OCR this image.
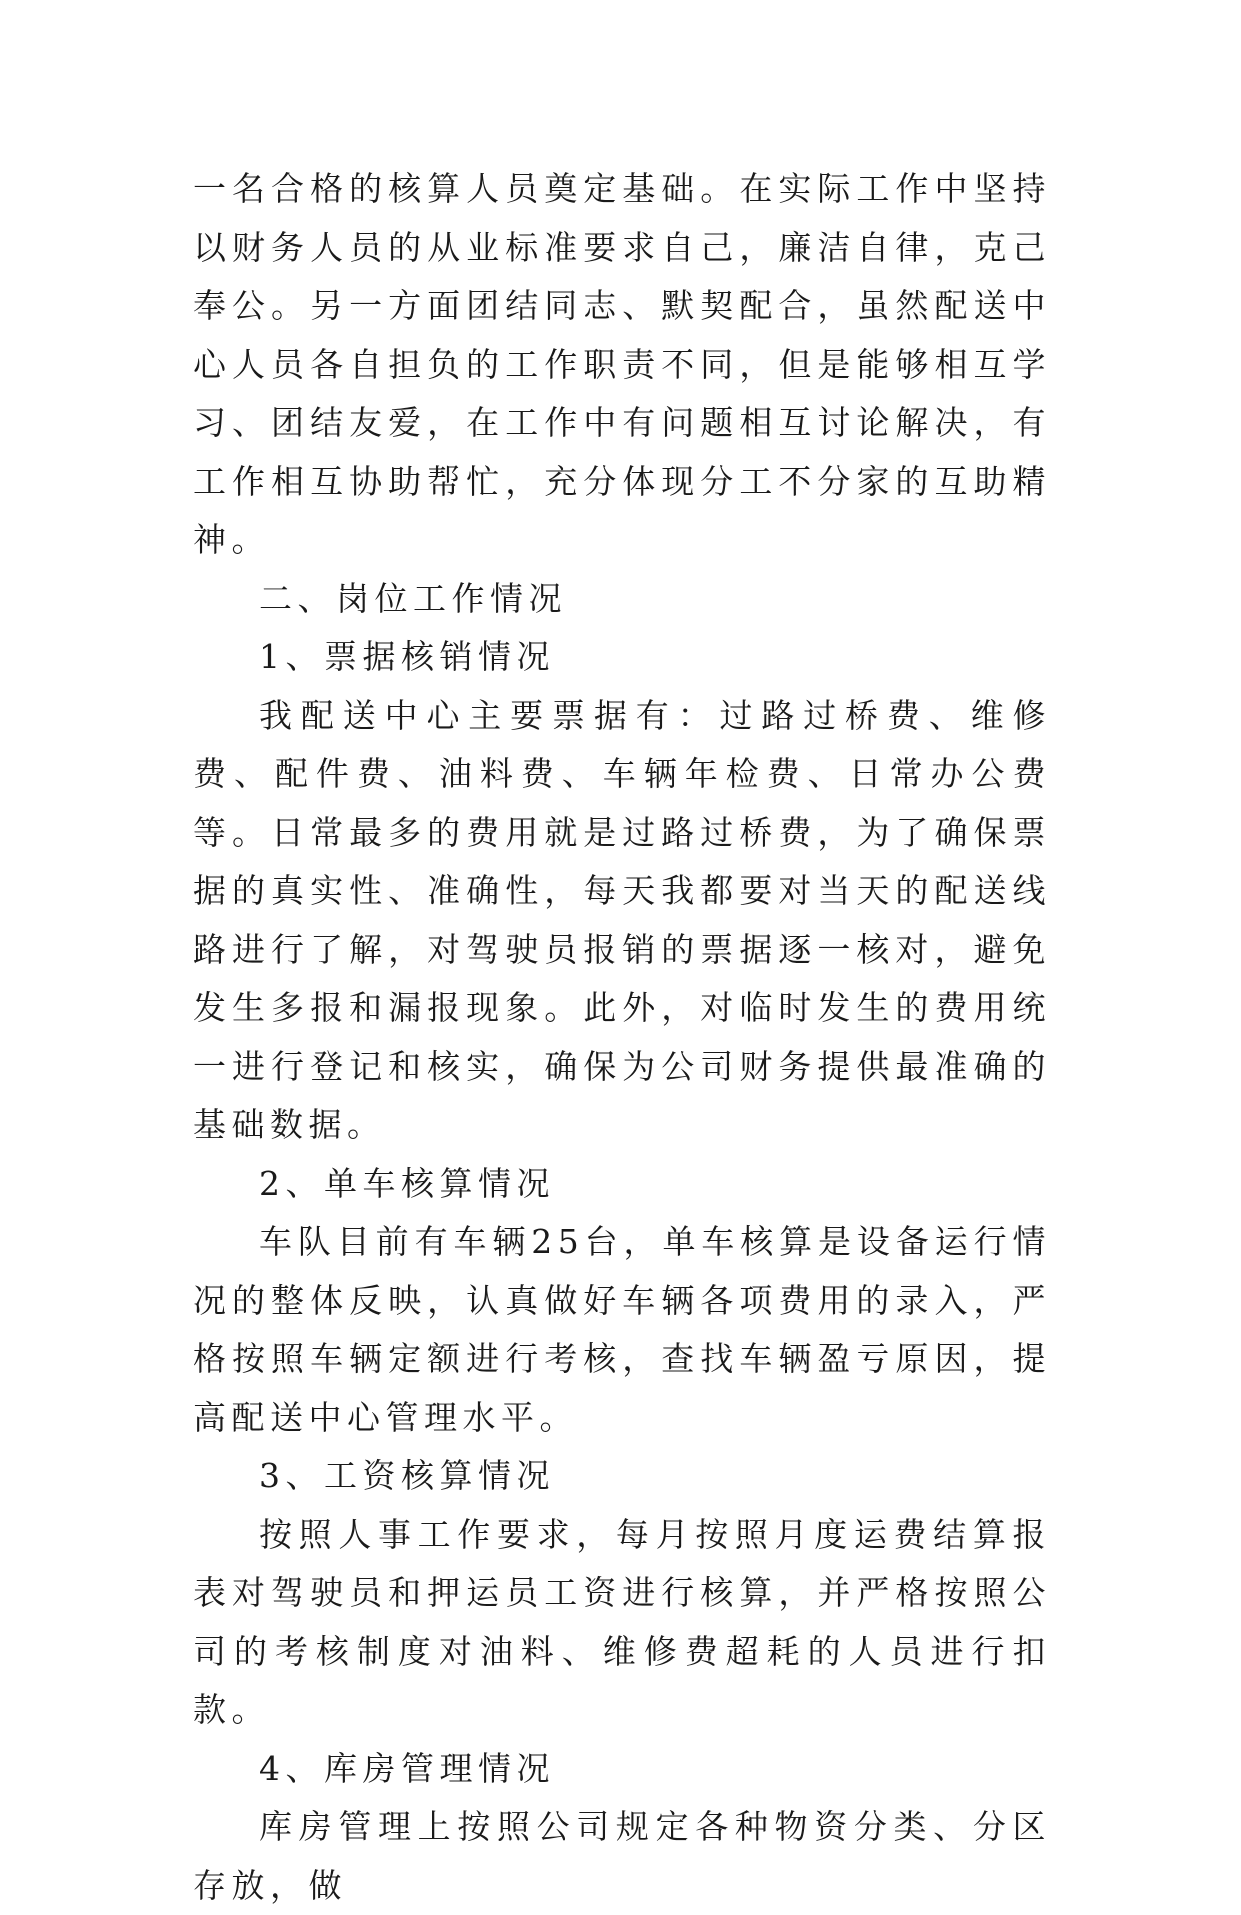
一名合格的核算人员奠定基础。在实际工作中坚持以财务人员的从业标准要求自己，廉洁自律，克己奉公。另一方面团结同志、默契配合，虽然配送中心人员各自担负的工作职责不同，但是能够相互学习、团结友爱，在工作中有问题相互讨论解决，有工作相互协助帮忙，充分体现分工不分家的互助精神。

二、岗位工作情况

1、票据核销情况

我配送中心主要票据有：过路过桥费、维修费、配件费、油料费、车辆年检费、日常办公费等。日常最多的费用就是过路过桥费，为了确保票据的真实性、准确性，每天我都要对当天的配送线路进行了解，对驾驶员报销的票据逐一核对，避免发生多报和漏报现象。此外，对临时发生的费用统一进行登记和核实，确保为公司财务提供最准确的基础数据。

2、单车核算情况

车队目前有车辆25台，单车核算是设备运行情况的整体反映，认真做好车辆各项费用的录入，严格按照车辆定额进行考核，查找车辆盈亏原因，提高配送中心管理水平。

3、工资核算情况

按照人事工作要求，每月按照月度运费结算报表对驾驶员和押运员工资进行核算，并严格按照公司的考核制度对油料、维修费超耗的人员进行扣款。

4、库房管理情况

库房管理上按照公司规定各种物资分类、分区存放，做
